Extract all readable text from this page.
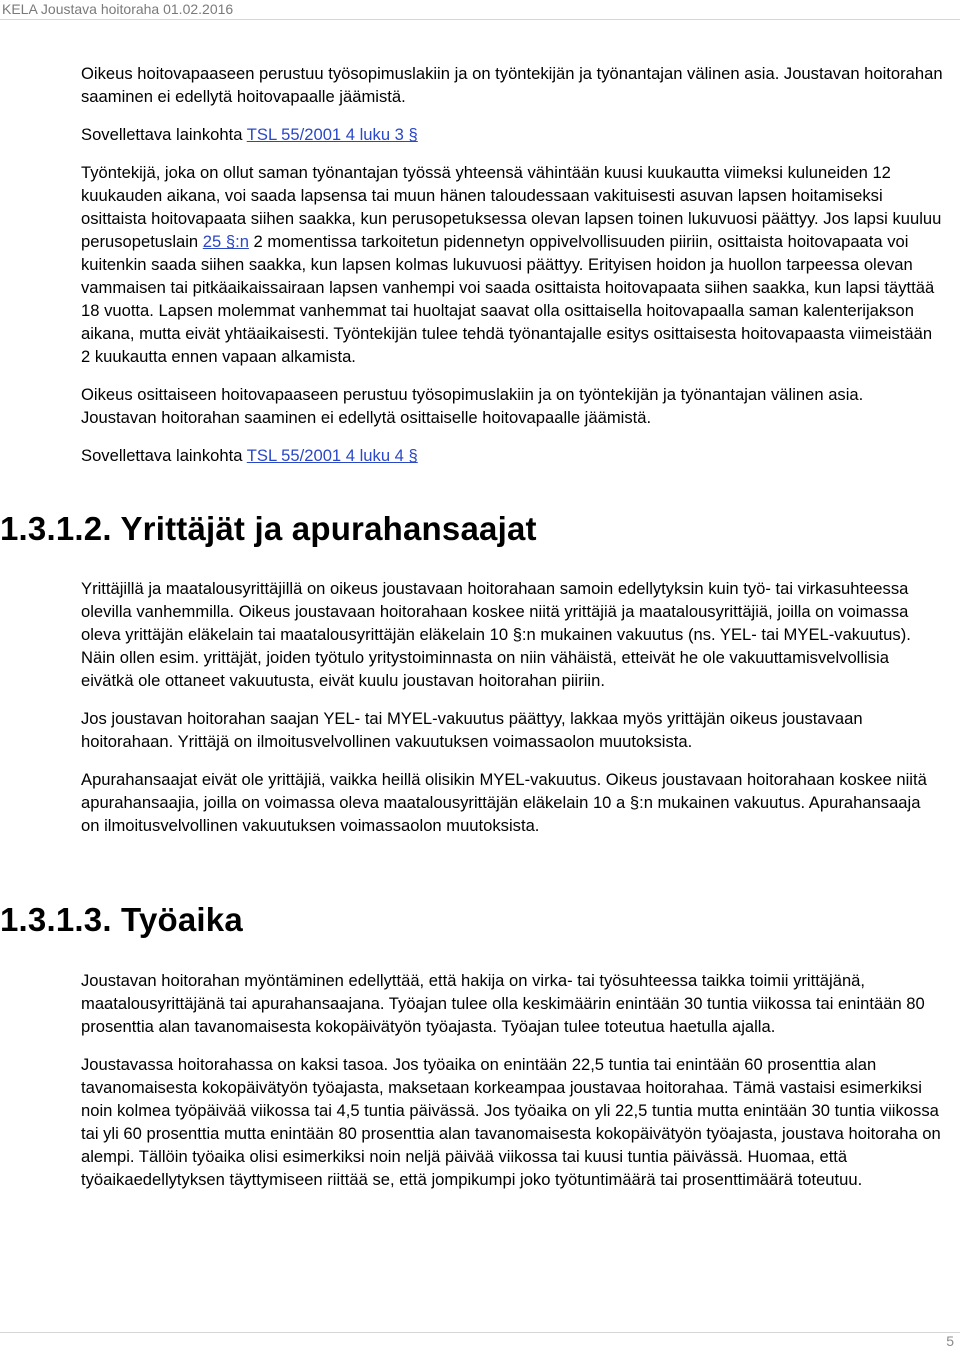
KELA Joustava hoitoraha 01.02.2016

Oikeus hoitovapaaseen perustuu työsopimuslakiin ja on työntekijän ja työnantajan välinen asia. Joustavan hoitorahan saaminen ei edellytä hoitovapaalle jäämistä.

Sovellettava lainkohta TSL 55/2001 4 luku 3 §

Työntekijä, joka on ollut saman työnantajan työssä yhteensä vähintään kuusi kuukautta viimeksi kuluneiden 12 kuukauden aikana, voi saada lapsensa tai muun hänen taloudessaan vakituisesti asuvan lapsen hoitamiseksi osittaista hoitovapaata siihen saakka, kun perusopetuksessa olevan lapsen toinen lukuvuosi päättyy. Jos lapsi kuuluu perusopetuslain 25 §:n 2 momentissa tarkoitetun pidennetyn oppivelvollisuuden piiriin, osittaista hoitovapaata voi kuitenkin saada siihen saakka, kun lapsen kolmas lukuvuosi päättyy. Erityisen hoidon ja huollon tarpeessa olevan vammaisen tai pitkäaikaissairaan lapsen vanhempi voi saada osittaista hoitovapaata siihen saakka, kun lapsi täyttää 18 vuotta. Lapsen molemmat vanhemmat tai huoltajat saavat olla osittaisella hoitovapaalla saman kalenterijakson aikana, mutta eivät yhtäaikaisesti. Työntekijän tulee tehdä työnantajalle esitys osittaisesta hoitovapaasta viimeistään 2 kuukautta ennen vapaan alkamista.

Oikeus osittaiseen hoitovapaaseen perustuu työsopimuslakiin ja on työntekijän ja työnantajan välinen asia. Joustavan hoitorahan saaminen ei edellytä osittaiselle hoitovapaalle jäämistä.

Sovellettava lainkohta TSL 55/2001 4 luku 4 §

1.3.1.2. Yrittäjät ja apurahansaajat

Yrittäjillä ja maatalousyrittäjillä on oikeus joustavaan hoitorahaan samoin edellytyksin kuin työ- tai virkasuhteessa olevilla vanhemmilla. Oikeus joustavaan hoitorahaan koskee niitä yrittäjiä ja maatalousyrittäjiä, joilla on voimassa oleva yrittäjän eläkelain tai maatalousyrittäjän eläkelain 10 §:n mukainen vakuutus (ns. YEL- tai MYEL-vakuutus). Näin ollen esim. yrittäjät, joiden työtulo yritystoiminnasta on niin vähäistä, etteivät he ole vakuuttamisvelvollisia eivätkä ole ottaneet vakuutusta, eivät kuulu joustavan hoitorahan piiriin.

Jos joustavan hoitorahan saajan YEL- tai MYEL-vakuutus päättyy, lakkaa myös yrittäjän oikeus joustavaan hoitorahaan. Yrittäjä on ilmoitusvelvollinen vakuutuksen voimassaolon muutoksista.

Apurahansaajat eivät ole yrittäjiä, vaikka heillä olisikin MYEL-vakuutus. Oikeus joustavaan hoitorahaan koskee niitä apurahansaajia, joilla on voimassa oleva maatalousyrittäjän eläkelain 10 a §:n mukainen vakuutus. Apurahansaaja on ilmoitusvelvollinen vakuutuksen voimassaolon muutoksista.

1.3.1.3. Työaika

Joustavan hoitorahan myöntäminen edellyttää, että hakija on virka- tai työsuhteessa taikka toimii yrittäjänä, maatalousyrittäjänä tai apurahansaajana. Työajan tulee olla keskimäärin enintään 30 tuntia viikossa tai enintään 80 prosenttia alan tavanomaisesta kokopäivätyön työajasta. Työajan tulee toteutua haetulla ajalla.

Joustavassa hoitorahassa on kaksi tasoa. Jos työaika on enintään 22,5 tuntia tai enintään 60 prosenttia alan tavanomaisesta kokopäivätyön työajasta, maksetaan korkeampaa joustavaa hoitorahaa. Tämä vastaisi esimerkiksi noin kolmea työpäivää viikossa tai 4,5 tuntia päivässä. Jos työaika on yli 22,5 tuntia mutta enintään 30 tuntia viikossa tai yli 60 prosenttia mutta enintään 80 prosenttia alan tavanomaisesta kokopäivätyön työajasta, joustava hoitoraha on alempi. Tällöin työaika olisi esimerkiksi noin neljä päivää viikossa tai kuusi tuntia päivässä. Huomaa, että työaikaedellytyksen täyttymiseen riittää se, että jompikumpi joko työtuntimäärä tai prosenttimäärä toteutuu.

5
